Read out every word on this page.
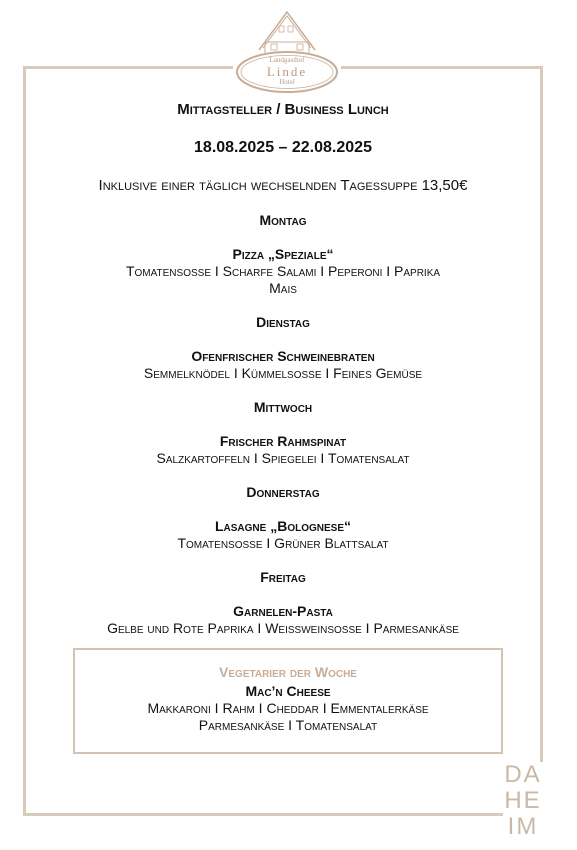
Landgasthof
Linde
Hotel
Mittagsteller / Business Lunch
18.08.2025 – 22.08.2025
Inklusive einer täglich wechselnden Tagessuppe 13,50€
Montag
Pizza „Speziale“
Tomatensoße I Scharfe Salami I Peperoni I Paprika
Mais
Dienstag
Ofenfrischer Schweinebraten
Semmelknödel I Kümmelsoße I Feines Gemüse
Mittwoch
Frischer Rahmspinat
Salzkartoffeln I Spiegelei I Tomatensalat
Donnerstag
Lasagne „Bolognese“
Tomatensoße I Grüner Blattsalat
Freitag
Garnelen-Pasta
Gelbe und Rote Paprika I Weißweinsoße I Parmesankäse
Vegetarier der Woche
Mac’n Cheese
Makkaroni I Rahm I Cheddar I Emmentalerkäse
Parmesankäse I Tomatensalat
DA
HE
IM
